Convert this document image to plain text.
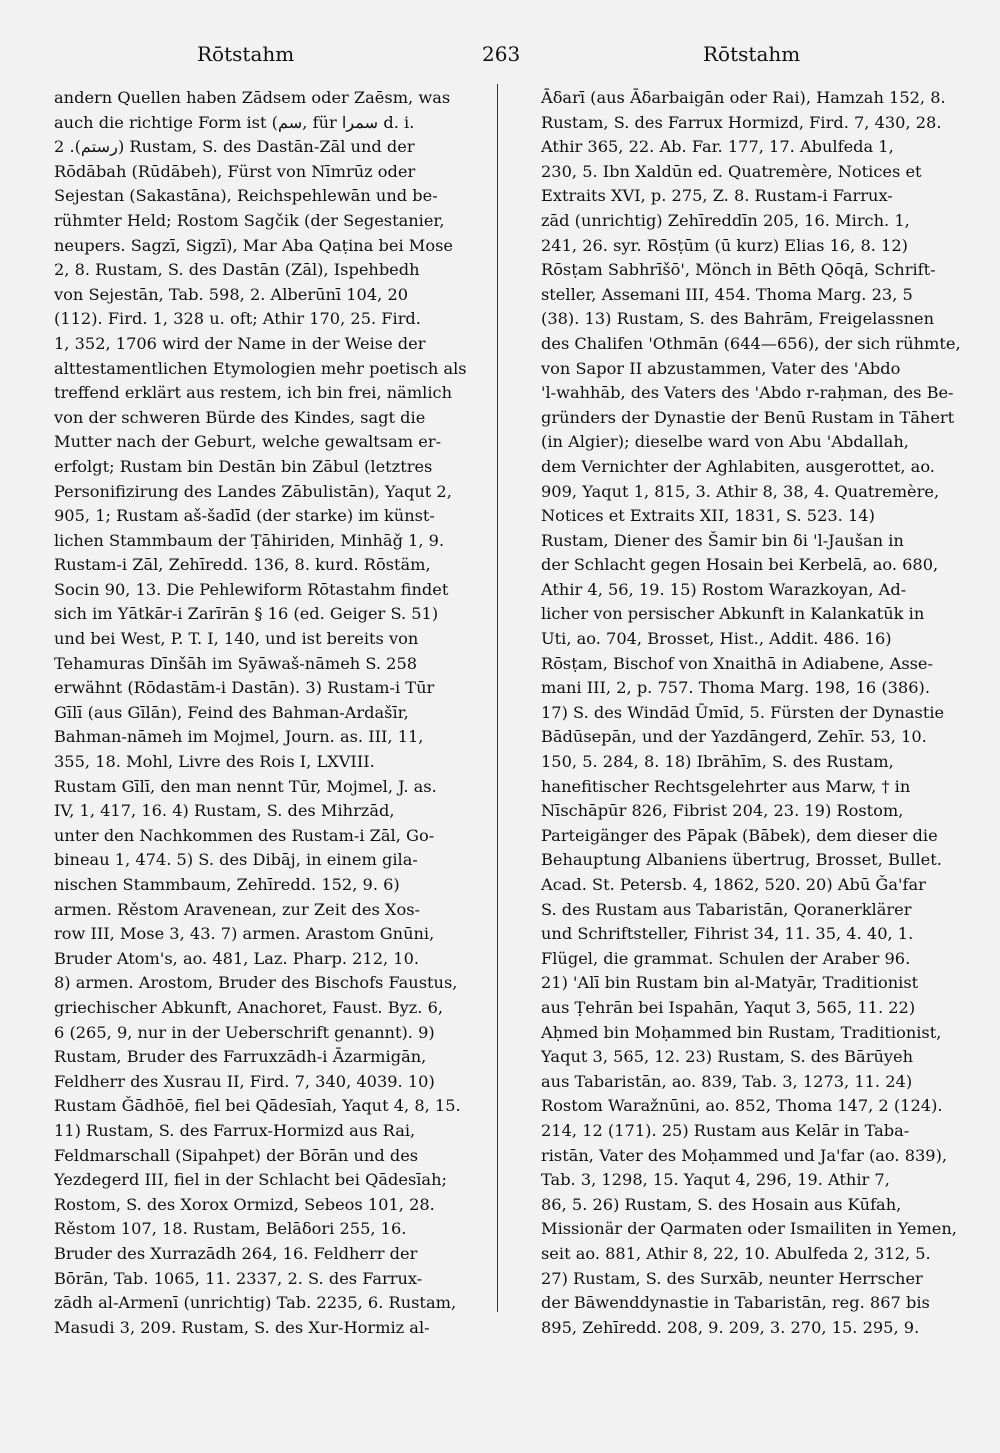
Rōtstahm	263	Rōtstahm
andern Quellen haben Zādsem oder Zaēsm, was
auch die richtige Form ist (سم, für سمرا d. i.
رستم). 2) Rustam, S. des Dastān-Zāl und der
Rōdābah (Rūdābeh), Fürst von Nīmrūz oder
Sejestan (Sakastāna), Reichspehlewān und be-
rühmter Held; Rostom Sagčik (der Segestanier,
neupers. Sagzī, Sigzī), Mar Aba Qaṭina bei Mose
2, 8. Rustam, S. des Dastān (Zāl), Ispehbedh
von Sejestān, Tab. 598, 2. Alberūnī 104, 20
(112). Fird. 1, 328 u. oft; Athir 170, 25. Fird.
1, 352, 1706 wird der Name in der Weise der
alttestamentlichen Etymologien mehr poetisch als
treffend erklärt aus restem, ich bin frei, nämlich
von der schweren Bürde des Kindes, sagt die
Mutter nach der Geburt, welche gewaltsam er-
erfolgt; Rustam bin Destān bin Zābul (letztres
Personifizirung des Landes Zābulistān), Yaqut 2,
905, 1; Rustam aš-šadīd (der starke) im künst-
lichen Stammbaum der Ṭāhiriden, Minhāǧ 1, 9.
Rustam-i Zāl, Zehīredd. 136, 8. kurd. Rōstäm,
Socin 90, 13. Die Pehlewiform Rōtastahm findet
sich im Yātkār-i Zarīrān § 16 (ed. Geiger S. 51)
und bei West, P. T. I, 140, und ist bereits von
Tehamuras Dīnšāh im Syāwaš-nāmeh S. 258
erwähnt (Rōdastām-i Dastān). 3) Rustam-i Tūr
Gīlī (aus Gīlān), Feind des Bahman-Ardašīr,
Bahman-nāmeh im Mojmel, Journ. as. III, 11,
355, 18. Mohl, Livre des Rois I, LXVIII.
Rustam Gīlī, den man nennt Tūr, Mojmel, J. as.
IV, 1, 417, 16. 4) Rustam, S. des Mihrzād,
unter den Nachkommen des Rustam-i Zāl, Go-
bineau 1, 474. 5) S. des Dibāj, in einem gila-
nischen Stammbaum, Zehīredd. 152, 9. 6)
armen. Rěstom Aravenean, zur Zeit des Xos-
row III, Mose 3, 43. 7) armen. Arastom Gnūni,
Bruder Atom's, ao. 481, Laz. Pharp. 212, 10.
8) armen. Arostom, Bruder des Bischofs Faustus,
griechischer Abkunft, Anachoret, Faust. Byz. 6,
6 (265, 9, nur in der Ueberschrift genannt). 9)
Rustam, Bruder des Farruxzādh-i Āzarmigān,
Feldherr des Xusrau II, Fird. 7, 340, 4039. 10)
Rustam Ǧādhōē, fiel bei Qādesīah, Yaqut 4, 8, 15.
11) Rustam, S. des Farrux-Hormizd aus Rai,
Feldmarschall (Sipahpet) der Bōrān und des
Yezdegerd III, fiel in der Schlacht bei Qādesīah;
Rostom, S. des Xorox Ormizd, Sebeos 101, 28.
Rěstom 107, 18. Rustam, Belāδori 255, 16.
Bruder des Xurrazādh 264, 16. Feldherr der
Bōrān, Tab. 1065, 11. 2337, 2. S. des Farrux-
zādh al-Armenī (unrichtig) Tab. 2235, 6. Rustam,
Masudi 3, 209. Rustam, S. des Xur-Hormiz al-
Āδarī (aus Āδarbaigān oder Rai), Hamzah 152, 8.
Rustam, S. des Farrux Hormizd, Fird. 7, 430, 28.
Athir 365, 22. Ab. Far. 177, 17. Abulfeda 1,
230, 5. Ibn Xaldūn ed. Quatremère, Notices et
Extraits XVI, p. 275, Z. 8. Rustam-i Farrux-
zād (unrichtig) Zehīreddīn 205, 16. Mirch. 1,
241, 26. syr. Rōsṭūm (ū kurz) Elias 16, 8. 12)
Rōsṭam Sabhrīšō', Mönch in Bēth Qōqā, Schrift-
steller, Assemani III, 454. Thoma Marg. 23, 5
(38). 13) Rustam, S. des Bahrām, Freigelassnen
des Chalifen 'Othmān (644—656), der sich rühmte,
von Sapor II abzustammen, Vater des 'Abdo
'l-wahhāb, des Vaters des 'Abdo r-raḥman, des Be-
gründers der Dynastie der Benū Rustam in Tāhert
(in Algier); dieselbe ward von Abu 'Abdallah,
dem Vernichter der Aghlabiten, ausgerottet, ao.
909, Yaqut 1, 815, 3. Athir 8, 38, 4. Quatremère,
Notices et Extraits XII, 1831, S. 523. 14)
Rustam, Diener des Šamir bin δi 'l-Jaušan in
der Schlacht gegen Hosain bei Kerbelā, ao. 680,
Athir 4, 56, 19. 15) Rostom Warazkoyan, Ad-
licher von persischer Abkunft in Kalankatūk in
Uti, ao. 704, Brosset, Hist., Addit. 486. 16)
Rōsṭam, Bischof von Xnaithā in Adiabene, Asse-
mani III, 2, p. 757. Thoma Marg. 198, 16 (386).
17) S. des Windād Ūmīd, 5. Fürsten der Dynastie
Bādūsepān, und der Yazdāngerd, Zehīr. 53, 10.
150, 5. 284, 8. 18) Ibrāhīm, S. des Rustam,
hanefitischer Rechtsgelehrter aus Marw, † in
Nīschāpūr 826, Fibrist 204, 23. 19) Rostom,
Parteigänger des Pāpak (Bābek), dem dieser die
Behauptung Albaniens übertrug, Brosset, Bullet.
Acad. St. Petersb. 4, 1862, 520. 20) Abū Ǧa'far
S. des Rustam aus Tabaristān, Qoranerklärer
und Schriftsteller, Fihrist 34, 11. 35, 4. 40, 1.
Flügel, die grammat. Schulen der Araber 96.
21) 'Alī bin Rustam bin al-Matyār, Traditionist
aus Ṭehrān bei Ispahān, Yaqut 3, 565, 11. 22)
Aḥmed bin Moḥammed bin Rustam, Traditionist,
Yaqut 3, 565, 12. 23) Rustam, S. des Bārūyeh
aus Tabaristān, ao. 839, Tab. 3, 1273, 11. 24)
Rostom Waražnūni, ao. 852, Thoma 147, 2 (124).
214, 12 (171). 25) Rustam aus Kelār in Taba-
ristān, Vater des Moḥammed und Ja'far (ao. 839),
Tab. 3, 1298, 15. Yaqut 4, 296, 19. Athir 7,
86, 5. 26) Rustam, S. des Hosain aus Kūfah,
Missionär der Qarmaten oder Ismailiten in Yemen,
seit ao. 881, Athir 8, 22, 10. Abulfeda 2, 312, 5.
27) Rustam, S. des Surxāb, neunter Herrscher
der Bāwenddynastie in Tabaristān, reg. 867 bis
895, Zehīredd. 208, 9. 209, 3. 270, 15. 295, 9.
